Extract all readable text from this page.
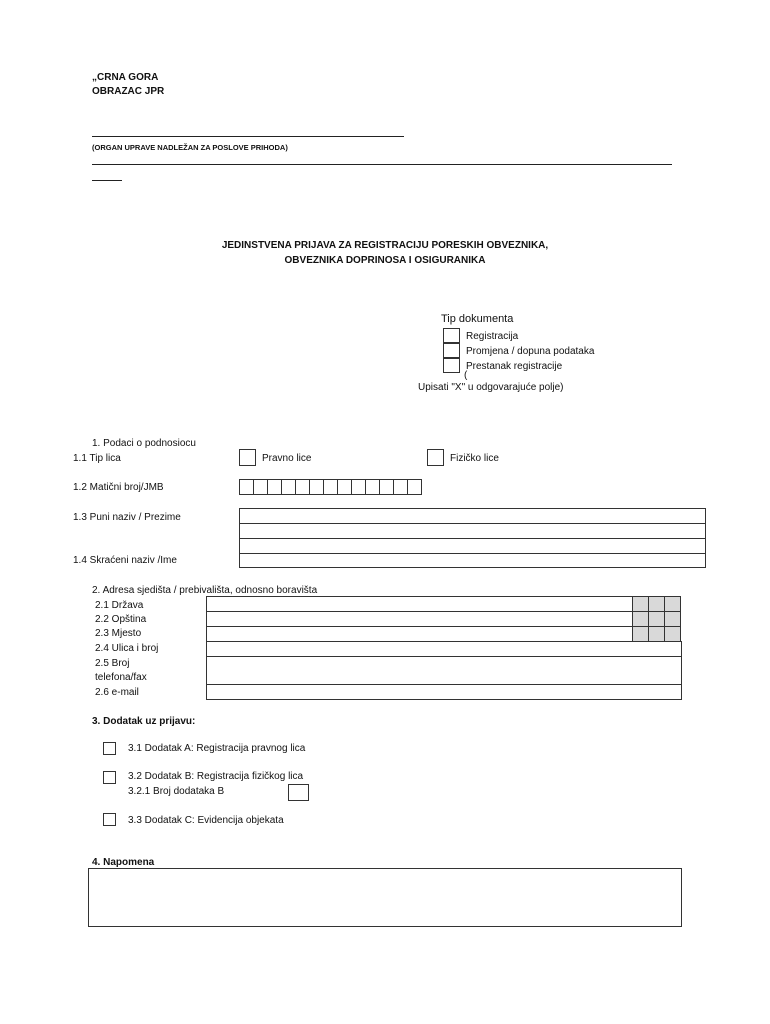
„CRNA GORA
OBRAZAC JPR
(ORGAN UPRAVE NADLEŽAN ZA POSLOVE PRIHODA)
JEDINSTVENA PRIJAVA ZA REGISTRACIJU PORESKIH OBVEZNIKA,
OBVEZNIKA DOPRINOSA I OSIGURANIKA
Tip dokumenta
Registracija
Promjena / dopuna podataka
Prestanak registracije
(
Upisati "X" u odgovarajuće polje)
1. Podaci o podnosiocu
1.1 Tip lica	Pravno lice	Fizičko lice
1.2 Matični broj/JMB
1.3 Puni naziv / Prezime
1.4 Skraćeni naziv /Ime
2. Adresa sjedišta / prebivališta, odnosno boravišta
2.1 Država
2.2 Opština
2.3 Mjesto
2.4 Ulica i broj
2.5 Broj
telefona/fax
2.6 e-mail
3. Dodatak uz prijavu:
3.1 Dodatak A: Registracija pravnog lica
3.2 Dodatak B: Registracija fizičkog lica
3.2.1 Broj dodataka B
3.3 Dodatak C: Evidencija objekata
4. Napomena
